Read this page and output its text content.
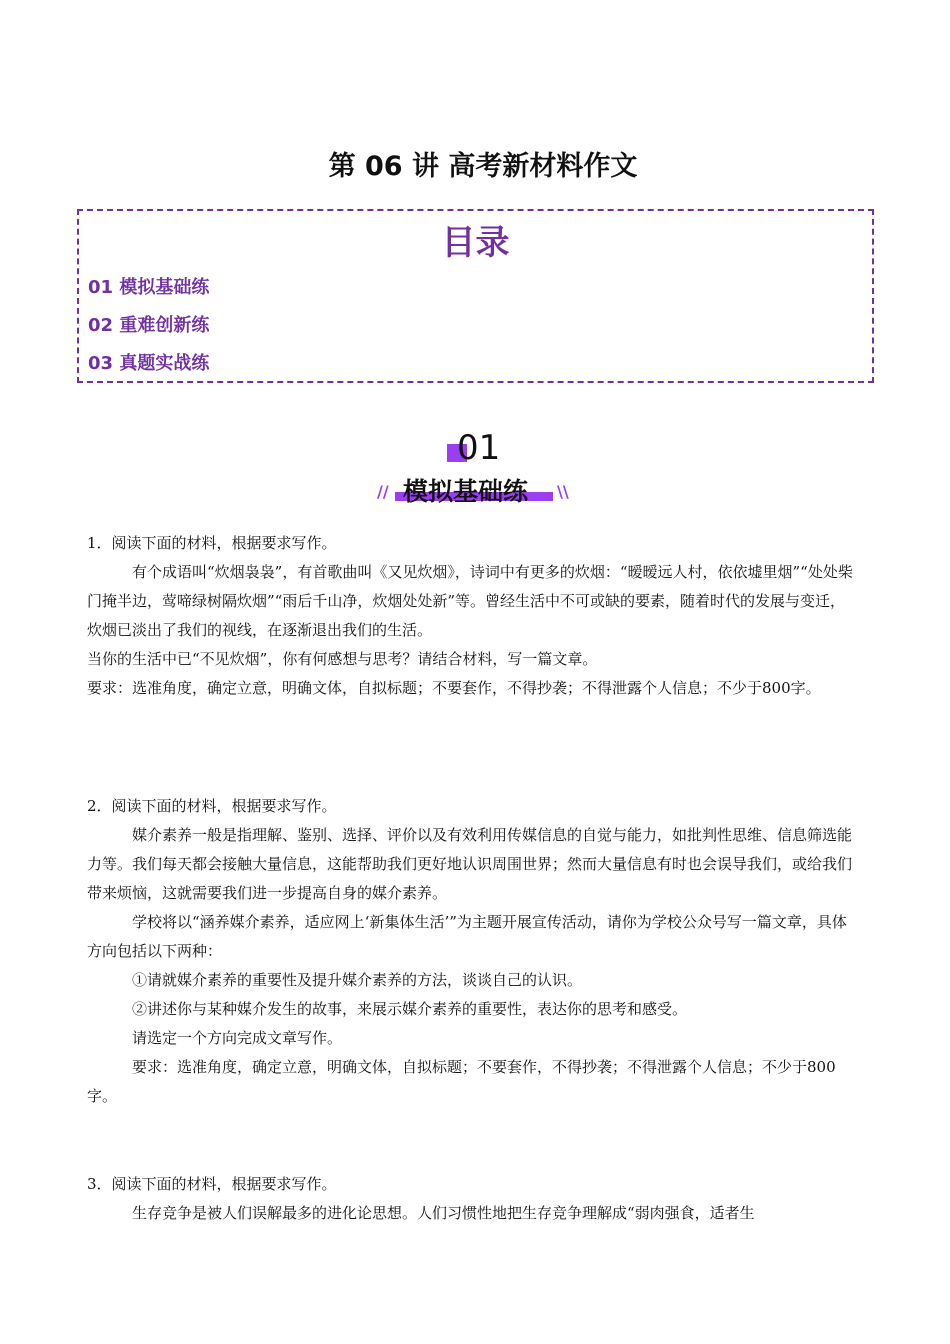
第 06 讲 高考新材料作文
目录
01 模拟基础练
02 重难创新练
03 真题实战练
01
模拟基础练
//	\\

1．阅读下面的材料，根据要求写作。

有个成语叫“炊烟袅袅”，有首歌曲叫《又见炊烟》，诗词中有更多的炊烟：“暧暧远人村，依依墟里烟”“处处柴门掩半边，莺啼绿树隔炊烟”“雨后千山净，炊烟处处新”等。曾经生活中不可或缺的要素，随着时代的发展与变迁，炊烟已淡出了我们的视线，在逐渐退出我们的生活。

当你的生活中已“不见炊烟”，你有何感想与思考？请结合材料，写一篇文章。

要求：选准角度，确定立意，明确文体，自拟标题；不要套作，不得抄袭；不得泄露个人信息；不少于800字。

2．阅读下面的材料，根据要求写作。

媒介素养一般是指理解、鉴别、选择、评价以及有效利用传媒信息的自觉与能力，如批判性思维、信息筛选能力等。我们每天都会接触大量信息，这能帮助我们更好地认识周围世界；然而大量信息有时也会误导我们，或给我们带来烦恼，这就需要我们进一步提高自身的媒介素养。

学校将以“涵养媒介素养，适应网上‘新集体生活’”为主题开展宣传活动，请你为学校公众号写一篇文章，具体方向包括以下两种：

①请就媒介素养的重要性及提升媒介素养的方法，谈谈自己的认识。

②讲述你与某种媒介发生的故事，来展示媒介素养的重要性，表达你的思考和感受。

请选定一个方向完成文章写作。

要求：选准角度，确定立意，明确文体，自拟标题；不要套作，不得抄袭；不得泄露个人信息；不少于800字。

3．阅读下面的材料，根据要求写作。

生存竞争是被人们误解最多的进化论思想。人们习惯性地把生存竞争理解成“弱肉强食，适者生
